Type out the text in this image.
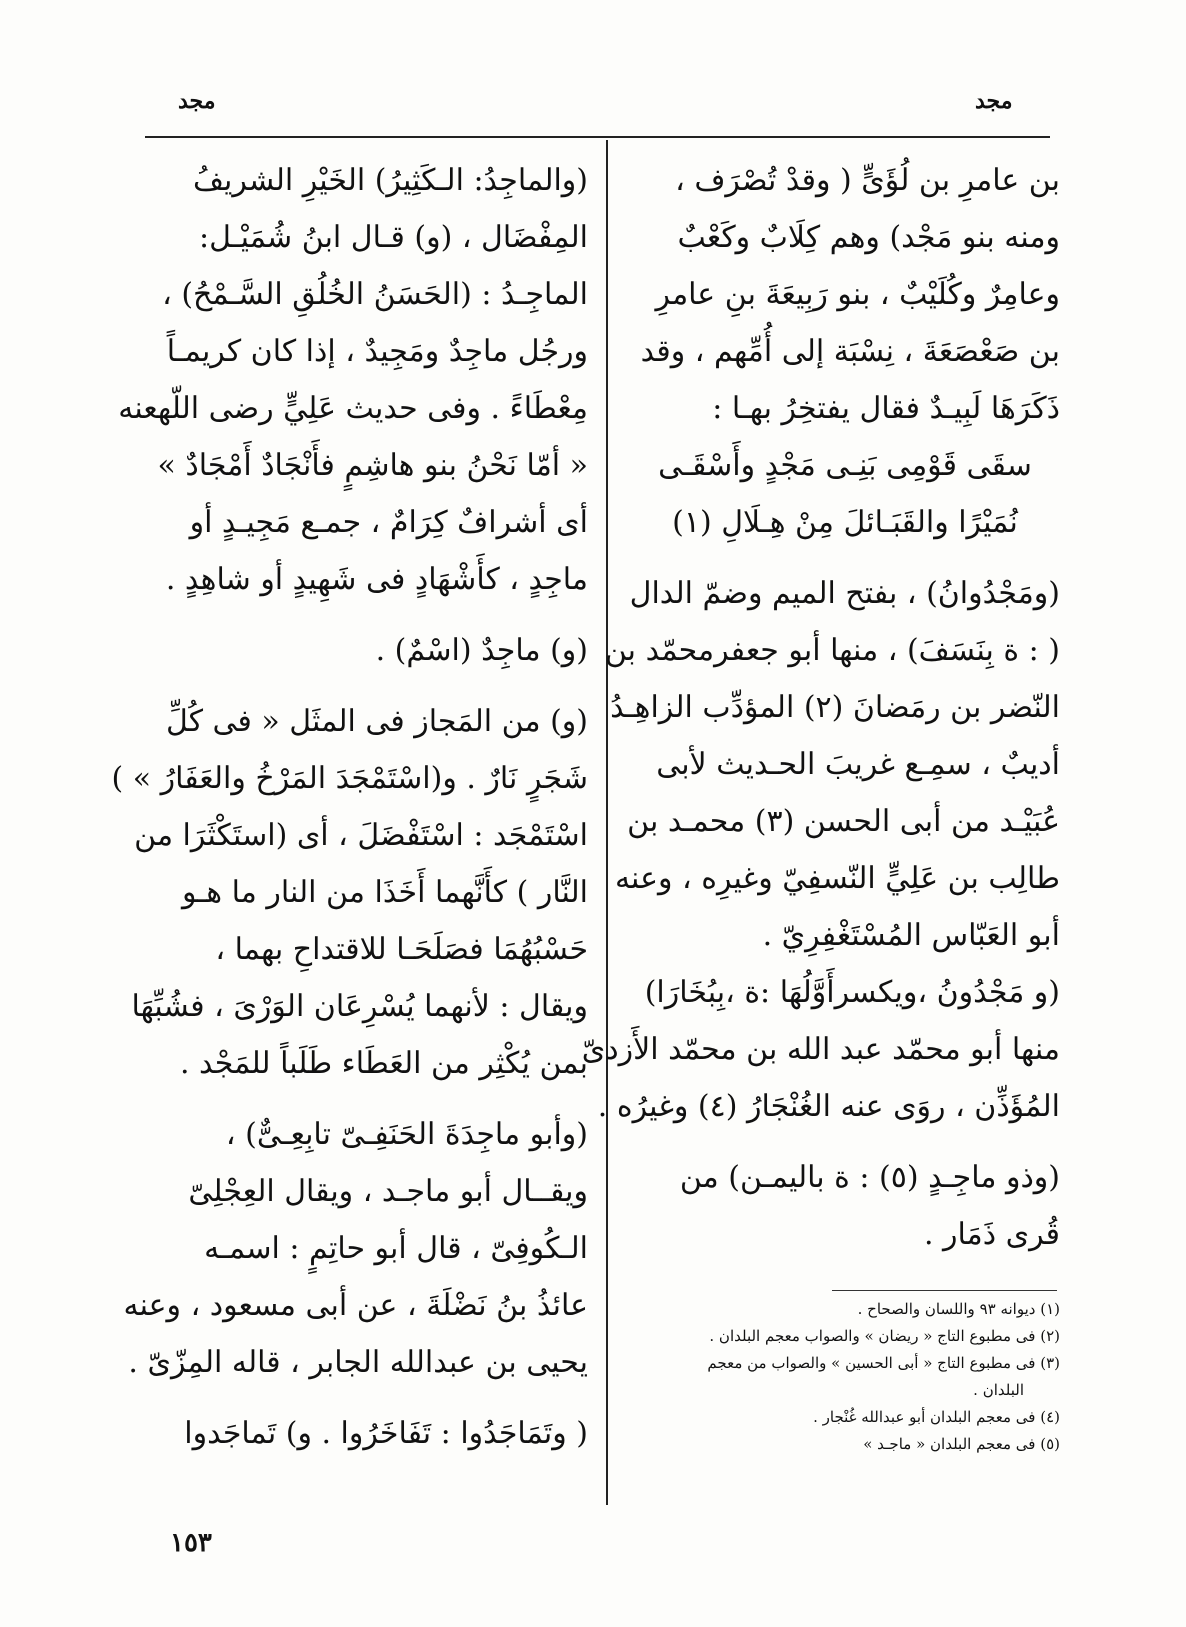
مجد
مجد
بن عامرِ بن لُؤَىٍّ ( وقدْ تُصْرَف ،
ومنه بنو مَجْد) وهم كِلَابٌ وكَعْبٌ
وعامِرٌ وكُلَيْبٌ ، بنو رَبِيعَةَ بنِ عامرِ
بن صَعْصَعَةَ ، نِسْبَة إلى أُمِّهم ، وقد
ذَكَرَهَا لَبِيـدٌ فقال يفتخِرُ بهـا :
سقَى قَوْمِى بَنِـى مَجْدٍ وأَسْقَـى
نُمَيْرًا والقَبَـائلَ مِنْ هِـلَالِ (١)
(ومَجْدُوانُ) ، بفتح الميم وضمّ الدال
( : ة بِنَسَفَ) ، منها أبو جعفرمحمّد بن
النّضر بن رمَضانَ (٢) المؤدِّب الزاهِـدُ
أديبٌ ، سمِـع غريبَ الحـديث لأبى
عُبَيْـد من أبى الحسن (٣) محمـد بن
طالِب بن عَلِيٍّ النّسفِيّ وغيرِه ، وعنه
أبو العَبّاس المُسْتَغْفِرِيّ .
(و مَجْدُونُ ،ويكسرأَوَّلُهَا :ة ،بِبُخَارَا)
منها أبو محمّد عبد الله بن محمّد الأَزدىّ
المُؤَذِّن ، روَى عنه الغُنْجَارُ (٤) وغيرُه .
(وذو ماجِـدٍ (٥) : ة باليمـن) من
قُرى ذَمَار .
(١) ديوانه ٩٣ واللسان والصحاح .
(٢) فى مطبوع التاج « ريضان » والصواب معجم البلدان .
(٣) فى مطبوع التاج « أبى الحسين » والصواب من معجم
البلدان .
(٤) فى معجم البلدان أبو عبدالله غُنْجار .
(٥) فى معجم البلدان « ماجـد »
(والماجِدُ: الـكَثِيرُ) الخَيْرِ الشريفُ
المِفْضَال ، (و) قـال ابنُ شُمَيْـل:
الماجِـدُ : (الحَسَنُ الخُلُقِ السَّـمْحُ) ،
ورجُل ماجِدٌ ومَجِيدٌ ، إذا كان كريمـاً
مِعْطَاءً . وفى حديث عَلِيٍّ رضى اللّهعنه
« أمّا نَحْنُ بنو هاشِمٍ فأَنْجَادٌ أَمْجَادٌ »
أى أشرافٌ كِرَامٌ ، جمـع مَجِيـدٍ أو
ماجِدٍ ، كأَشْهَادٍ فى شَهِيدٍ أو شاهِدٍ .
(و) ماجِدٌ (اسْمٌ) .
(و) من المَجاز فى المثَل « فى كُلِّ
شَجَرٍ نَارٌ . و(اسْتَمْجَدَ المَرْخُ والعَفَارُ » )
اسْتَمْجَد : اسْتَفْضَلَ ، أى (استَكْثَرَا من
النَّار ) كأَنَّهما أَخَذَا من النار ما هـو
حَسْبُهُمَا فصَلَحَـا للاقتداحِ بهما ،
ويقال : لأنهما يُسْرِعَان الوَرْىَ ، فشُبِّهَا
بمن يُكْثِر من العَطَاء طَلَباً للمَجْد .
(وأبو ماجِدَةَ الحَنَفِـىّ تابِعِـىٌّ) ،
ويقــال أبو ماجـد ، ويقال العِجْلِىّ
الـكُوفِىّ ، قال أبو حاتِمٍ : اسمـه
عائذُ بنُ نَضْلَةَ ، عن أبى مسعود ، وعنه
يحيى بن عبدالله الجابر ، قاله المِزّىّ .
( وتَمَاجَدُوا : تَفَاخَرُوا . و) تَماجَدوا
١٥٣
